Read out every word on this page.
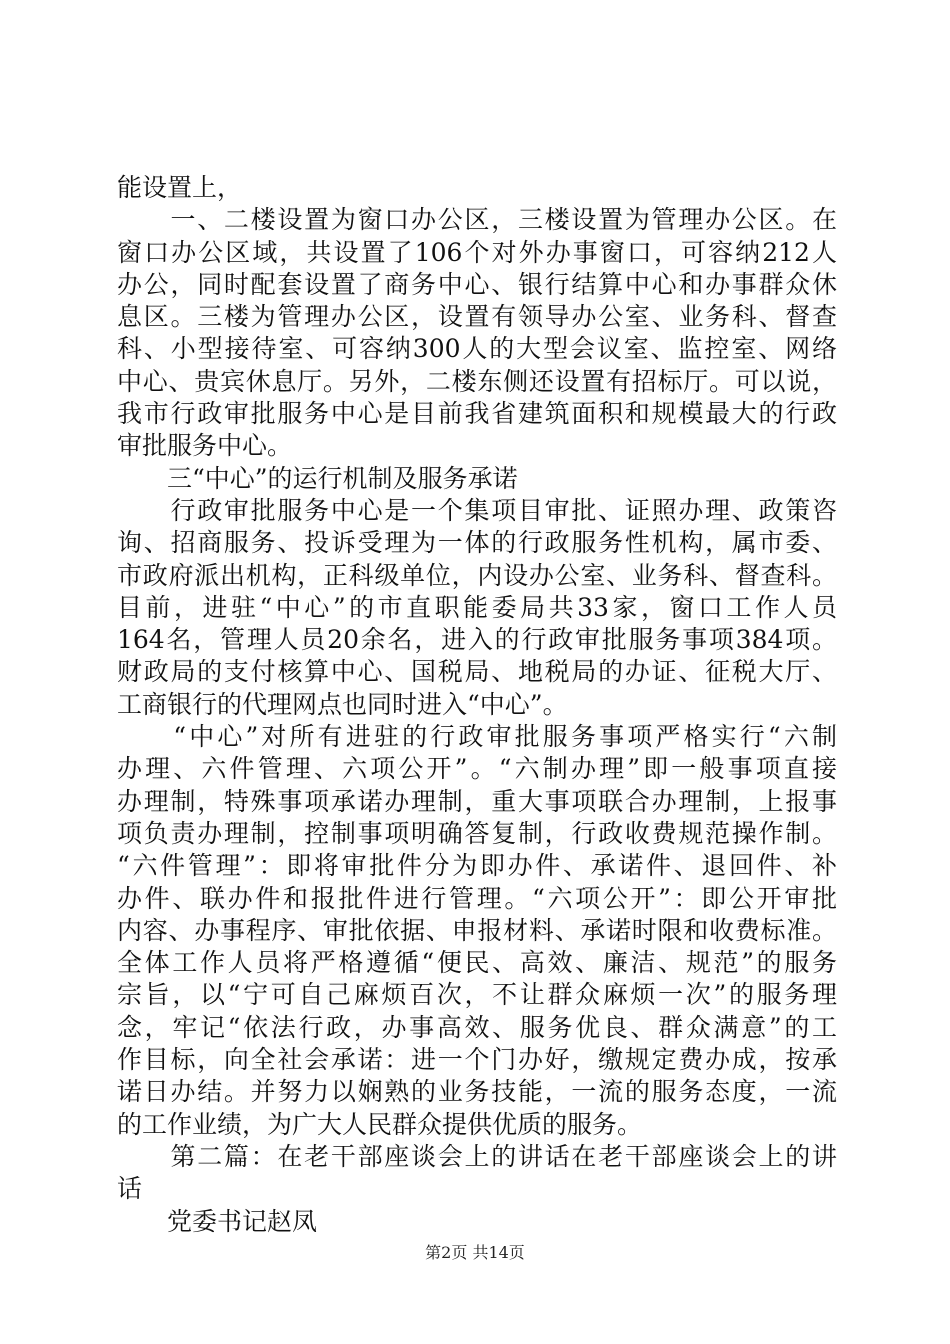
能设置上，
　　一、二楼设置为窗口办公区，三楼设置为管理办公区。在
窗口办公区域，共设置了106个对外办事窗口，可容纳212人
办公，同时配套设置了商务中心、银行结算中心和办事群众休
息区。三楼为管理办公区，设置有领导办公室、业务科、督查
科、小型接待室、可容纳300人的大型会议室、监控室、网络
中心、贵宾休息厅。另外，二楼东侧还设置有招标厅。可以说，
我市行政审批服务中心是目前我省建筑面积和规模最大的行政
审批服务中心。
　　三“中心”的运行机制及服务承诺
　　行政审批服务中心是一个集项目审批、证照办理、政策咨
询、招商服务、投诉受理为一体的行政服务性机构，属市委、
市政府派出机构，正科级单位，内设办公室、业务科、督查科。
目前，进驻“中心”的市直职能委局共33家，窗口工作人员
164名，管理人员20余名，进入的行政审批服务事项384项。
财政局的支付核算中心、国税局、地税局的办证、征税大厅、
工商银行的代理网点也同时进入“中心”。
　　“中心”对所有进驻的行政审批服务事项严格实行“六制
办理、六件管理、六项公开”。“六制办理”即一般事项直接
办理制，特殊事项承诺办理制，重大事项联合办理制，上报事
项负责办理制，控制事项明确答复制，行政收费规范操作制。
“六件管理”：即将审批件分为即办件、承诺件、退回件、补
办件、联办件和报批件进行管理。“六项公开”：即公开审批
内容、办事程序、审批依据、申报材料、承诺时限和收费标准。
全体工作人员将严格遵循“便民、高效、廉洁、规范”的服务
宗旨，以“宁可自己麻烦百次，不让群众麻烦一次”的服务理
念，牢记“依法行政，办事高效、服务优良、群众满意”的工
作目标，向全社会承诺：进一个门办好，缴规定费办成，按承
诺日办结。并努力以娴熟的业务技能，一流的服务态度，一流
的工作业绩，为广大人民群众提供优质的服务。
　　第二篇：在老干部座谈会上的讲话在老干部座谈会上的讲
话
　　党委书记赵凤
第2页 共14页
